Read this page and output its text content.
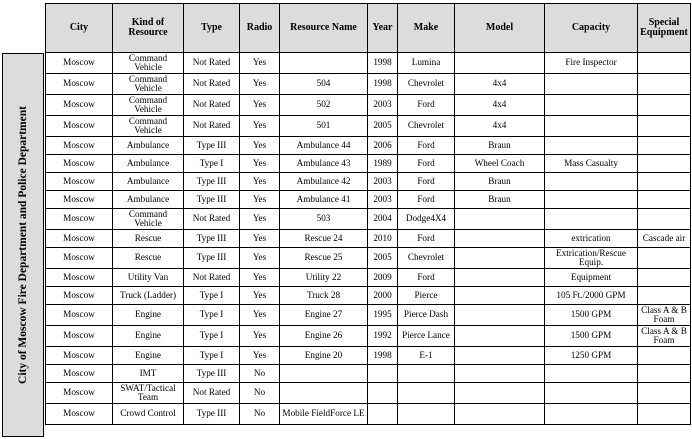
City of Moscow Fire Department and Police Department
City	Kind of Resource	Type	Radio	Resource Name	Year	Make	Model	Capacity	Special Equipment
Moscow	Command Vehicle	Not Rated	Yes		1998	Lumina		Fire Inspector	
Moscow	Command Vehicle	Not Rated	Yes	504	1998	Chevrolet	4x4		
Moscow	Command Vehicle	Not Rated	Yes	502	2003	Ford	4x4		
Moscow	Command Vehicle	Not Rated	Yes	501	2005	Chevrolet	4x4		
Moscow	Ambulance	Type III	Yes	Ambulance 44	2006	Ford	Braun		
Moscow	Ambulance	Type I	Yes	Ambulance 43	1989	Ford	Wheel Coach	Mass Casualty	
Moscow	Ambulance	Type III	Yes	Ambulance 42	2003	Ford	Braun		
Moscow	Ambulance	Type III	Yes	Ambulance 41	2003	Ford	Braun		
Moscow	Command Vehicle	Not Rated	Yes	503	2004	Dodge4X4			
Moscow	Rescue	Type III	Yes	Rescue 24	2010	Ford		extrication	Cascade air
Moscow	Rescue	Type III	Yes	Rescue 25	2005	Chevrolet		Extrication/Rescue Equip.	
Moscow	Utility Van	Not Rated	Yes	Utility 22	2009	Ford		Equipment	
Moscow	Truck (Ladder)	Type I	Yes	Truck 28	2000	Pierce		105 Ft./2000 GPM	
Moscow	Engine	Type I	Yes	Engine 27	1995	Pierce Dash		1500 GPM	Class A & B Foam
Moscow	Engine	Type I	Yes	Engine 26	1992	Pierce Lance		1500 GPM	Class A & B Foam
Moscow	Engine	Type I	Yes	Engine 20	1998	E-1		1250 GPM	
Moscow	IMT	Type III	No						
Moscow	SWAT/Tactical Team	Not Rated	No						
Moscow	Crowd Control	Type III	No	Mobile FieldForce LE					
